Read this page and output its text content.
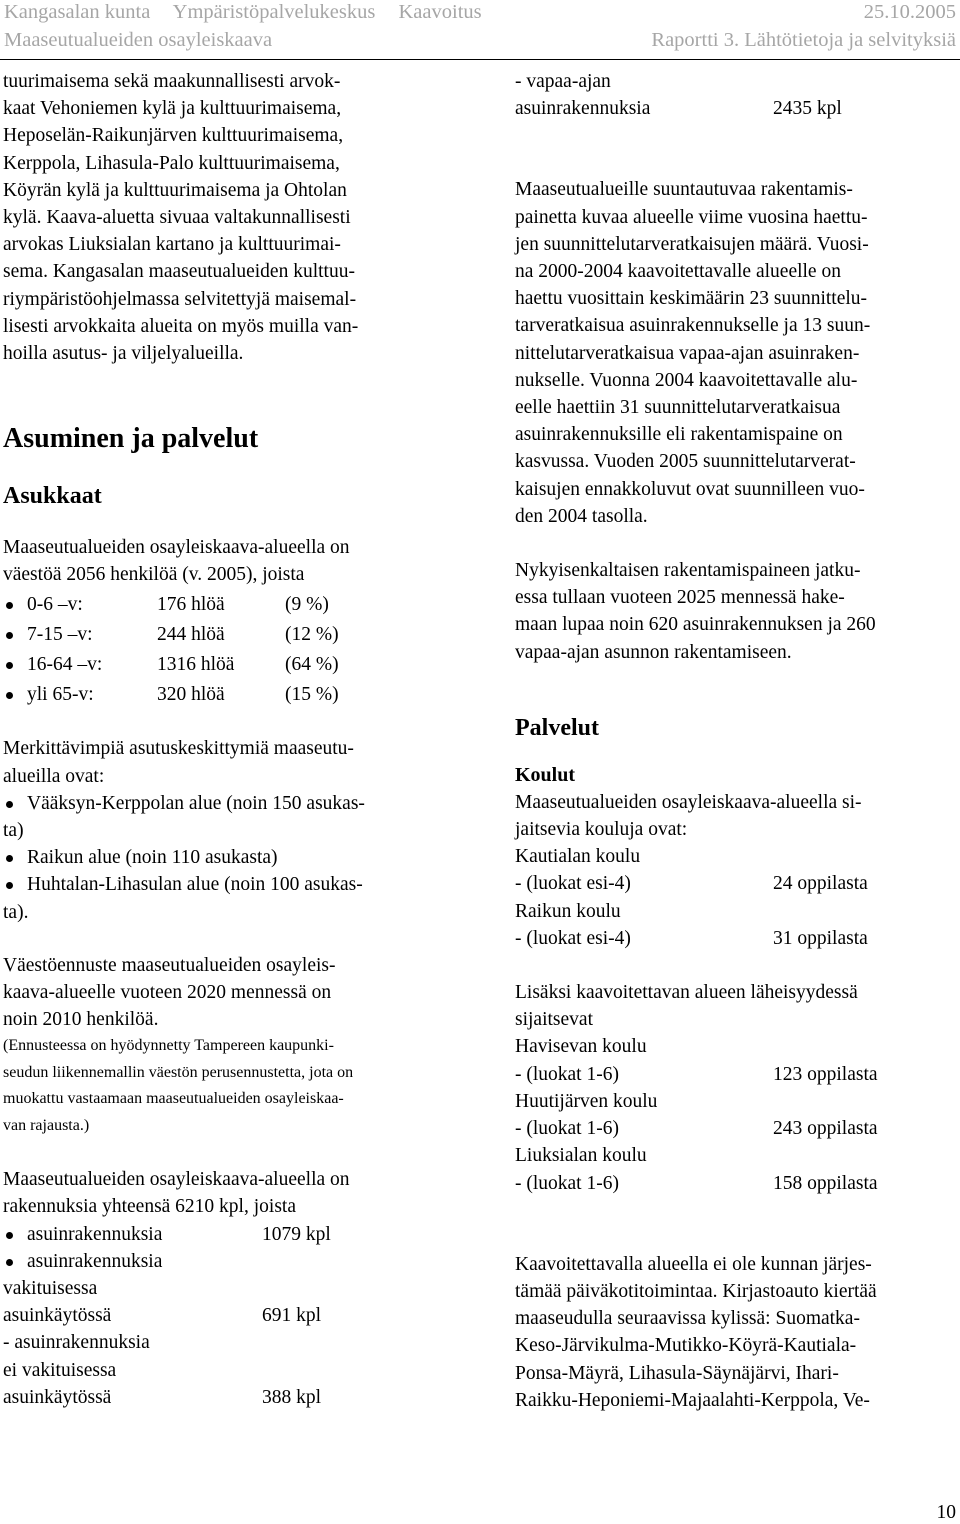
Kangasalan kunta Ympäristöpalvelukeskus Kaavoitus	25.10.2005
Maaseutualueiden osayleiskaava	Raportti 3. Lähtötietoja ja selvityksiä

tuurimaisema sekä maakunnallisesti arvok-

kaat Vehoniemen kylä ja kulttuurimaisema,

Heposelän-Raikunjärven kulttuurimaisema,

Kerppola, Lihasula-Palo kulttuurimaisema,

Köyrän kylä ja kulttuurimaisema ja Ohtolan

kylä. Kaava-aluetta sivuaa valtakunnallisesti

arvokas Liuksialan kartano ja kulttuurimai-

sema. Kangasalan maaseutualueiden kulttuu-

riympäristöohjelmassa selvitettyjä maisemal-

lisesti arvokkaita alueita on myös muilla van-

hoilla asutus- ja viljelyalueilla.

Asuminen ja palvelut
Asukkaat

Maaseutualueiden osayleiskaava-alueella on

väestöä 2056 henkilöä (v. 2005), joista

0-6 –v:	176 hlöä	(9 %)
7-15 –v:	244 hlöä	(12 %)
16-64 –v:	1316 hlöä	(64 %)
yli 65-v:	320 hlöä	(15 %)

Merkittävimpiä asutuskeskittymiä maaseutu-

alueilla ovat:

Vääksyn-Kerppolan alue (noin 150 asukas-
ta)
Raikun alue (noin 110 asukasta)
Huhtalan-Lihasulan alue (noin 100 asukas-
ta).

Väestöennuste maaseutualueiden osayleis-

kaava-alueelle vuoteen 2020 mennessä on

noin 2010 henkilöä.

(Ennusteessa on hyödynnetty Tampereen kaupunki-
seudun liikennemallin väestön perusennustetta, jota on
muokattu vastaamaan maaseutualueiden osayleiskaa-
van rajausta.)

Maaseutualueiden osayleiskaava-alueella on

rakennuksia yhteensä 6210 kpl, joista

asuinrakennuksia	1079 kpl
asuinrakennuksia
vakituisessa
asuinkäytössä	691 kpl
- asuinrakennuksia
ei vakituisessa
asuinkäytössä	388 kpl
- vapaa-ajan
asuinrakennuksia	2435 kpl

Maaseutualueille suuntautuvaa rakentamis-

painetta kuvaa alueelle viime vuosina haettu-

jen suunnittelutarveratkaisujen määrä. Vuosi-

na 2000-2004 kaavoitettavalle alueelle on

haettu vuosittain keskimäärin 23 suunnittelu-

tarveratkaisua asuinrakennukselle ja 13 suun-

nittelutarveratkaisua vapaa-ajan asuinraken-

nukselle. Vuonna 2004 kaavoitettavalle alu-

eelle haettiin 31 suunnittelutarveratkaisua

asuinrakennuksille eli rakentamispaine on

kasvussa. Vuoden 2005 suunnittelutarverat-

kaisujen ennakkoluvut ovat suunnilleen vuo-

den 2004 tasolla.

Nykyisenkaltaisen rakentamispaineen jatku-

essa tullaan vuoteen 2025 mennessä hake-

maan lupaa noin 620 asuinrakennuksen ja 260

vapaa-ajan asunnon rakentamiseen.

Palvelut
Koulut

Maaseutualueiden osayleiskaava-alueella si-

jaitsevia kouluja ovat:

Kautialan koulu
- (luokat esi-4)	24 oppilasta
Raikun koulu
- (luokat esi-4)	31 oppilasta

Lisäksi kaavoitettavan alueen läheisyydessä

sijaitsevat

Havisevan koulu
- (luokat 1-6)	123 oppilasta
Huutijärven koulu
- (luokat 1-6)	243 oppilasta
Liuksialan koulu
- (luokat 1-6)	158 oppilasta

Kaavoitettavalla alueella ei ole kunnan järjes-

tämää päiväkotitoimintaa. Kirjastoauto kiertää

maaseudulla seuraavissa kylissä: Suomatka-

Keso-Järvikulma-Mutikko-Köyrä-Kautiala-

Ponsa-Mäyrä, Lihasula-Säynäjärvi, Ihari-

Raikku-Heponiemi-Majaalahti-Kerppola, Ve-

10
